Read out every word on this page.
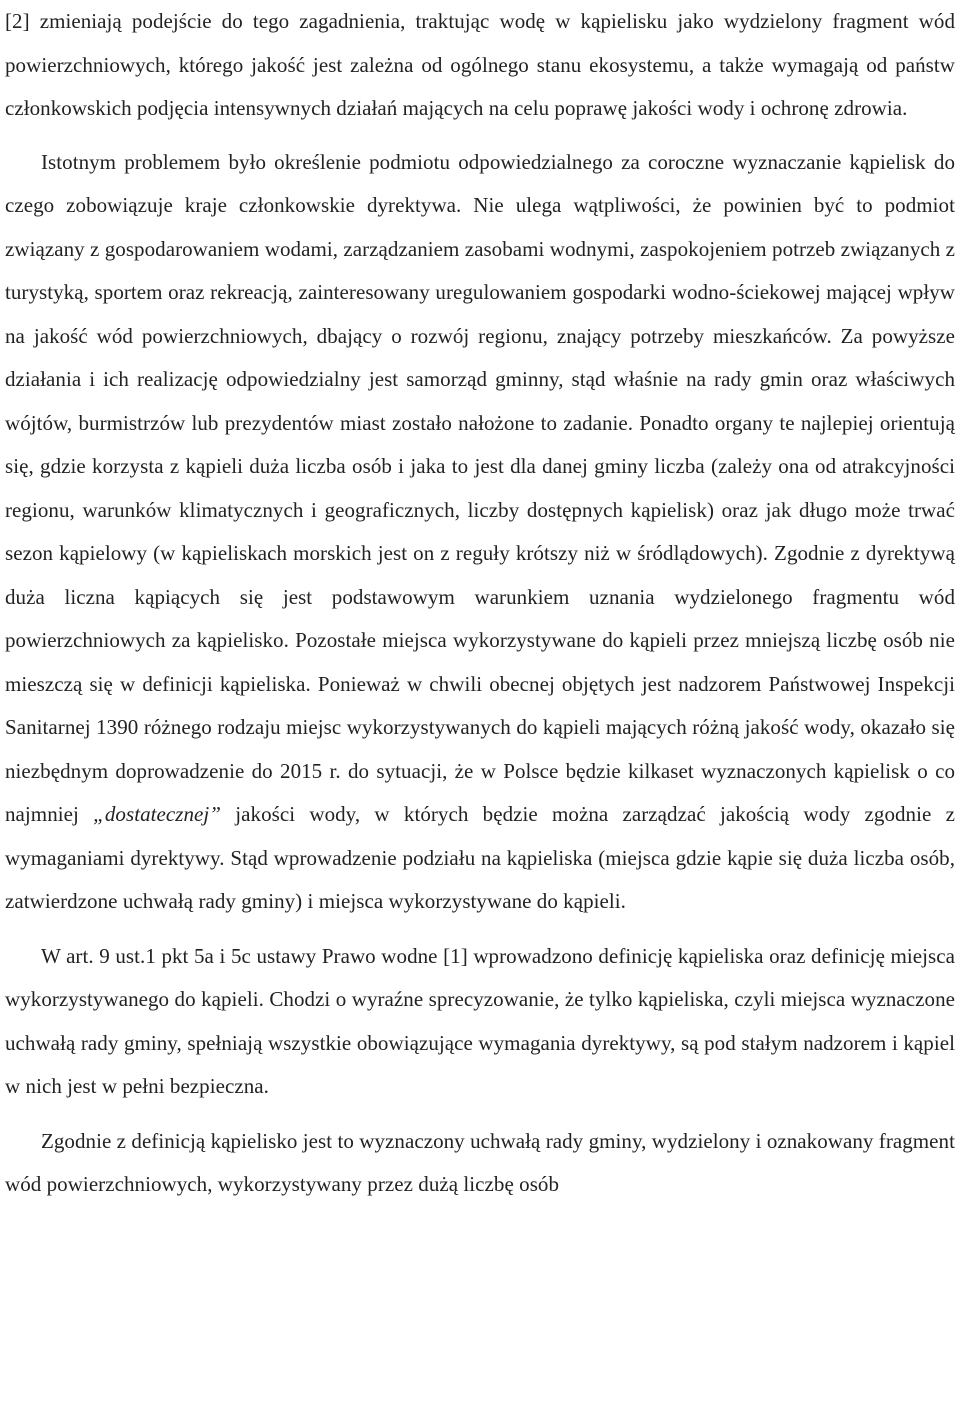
[2] zmieniają podejście do tego zagadnienia, traktując wodę w kąpielisku jako wydzielony fragment wód powierzchniowych, którego jakość jest zależna od ogólnego stanu ekosystemu, a także wymagają od państw członkowskich podjęcia intensywnych działań mających na celu poprawę jakości wody i ochronę zdrowia.

Istotnym problemem było określenie podmiotu odpowiedzialnego za coroczne wyznaczanie kąpielisk do czego zobowiązuje kraje członkowskie dyrektywa. Nie ulega wątpliwości, że powinien być to podmiot związany z gospodarowaniem wodami, zarządzaniem zasobami wodnymi, zaspokojeniem potrzeb związanych z turystyką, sportem oraz rekreacją, zainteresowany uregulowaniem gospodarki wodno-ściekowej mającej wpływ na jakość wód powierzchniowych, dbający o rozwój regionu, znający potrzeby mieszkańców. Za powyższe działania i ich realizację odpowiedzialny jest samorząd gminny, stąd właśnie na rady gmin oraz właściwych wójtów, burmistrzów lub prezydentów miast zostało nałożone to zadanie. Ponadto organy te najlepiej orientują się, gdzie korzysta z kąpieli duża liczba osób i jaka to jest dla danej gminy liczba (zależy ona od atrakcyjności regionu, warunków klimatycznych i geograficznych, liczby dostępnych kąpielisk) oraz jak długo może trwać sezon kąpielowy (w kąpieliskach morskich jest on z reguły krótszy niż w śródlądowych). Zgodnie z dyrektywą duża liczna kąpiących się jest podstawowym warunkiem uznania wydzielonego fragmentu wód powierzchniowych za kąpielisko. Pozostałe miejsca wykorzystywane do kąpieli przez mniejszą liczbę osób nie mieszczą się w definicji kąpieliska. Ponieważ w chwili obecnej objętych jest nadzorem Państwowej Inspekcji Sanitarnej 1390 różnego rodzaju miejsc wykorzystywanych do kąpieli mających różną jakość wody, okazało się niezbędnym doprowadzenie do 2015 r. do sytuacji, że w Polsce będzie kilkaset wyznaczonych kąpielisk o co najmniej „dostatecznej” jakości wody, w których będzie można zarządzać jakością wody zgodnie z wymaganiami dyrektywy. Stąd wprowadzenie podziału na kąpieliska (miejsca gdzie kąpie się duża liczba osób, zatwierdzone uchwałą rady gminy) i miejsca wykorzystywane do kąpieli.

W art. 9 ust.1 pkt 5a i 5c ustawy Prawo wodne [1] wprowadzono definicję kąpieliska oraz definicję miejsca wykorzystywanego do kąpieli. Chodzi o wyraźne sprecyzowanie, że tylko kąpieliska, czyli miejsca wyznaczone uchwałą rady gminy, spełniają wszystkie obowiązujące wymagania dyrektywy, są pod stałym nadzorem i kąpiel w nich jest w pełni bezpieczna.

Zgodnie z definicją kąpielisko jest to wyznaczony uchwałą rady gminy, wydzielony i oznakowany fragment wód powierzchniowych, wykorzystywany przez dużą liczbę osób
